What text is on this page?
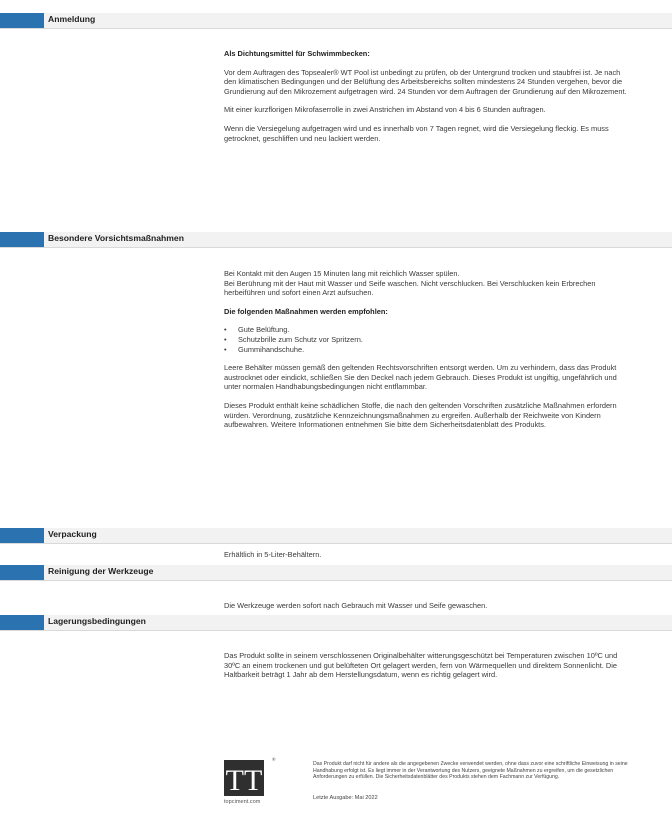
Anmeldung

Als Dichtungsmittel für Schwimmbecken:

Vor dem Auftragen des Topsealer® WT Pool ist unbedingt zu prüfen, ob der Untergrund trocken und staubfrei ist. Je nach den klimatischen Bedingungen und der Belüftung des Arbeitsbereichs sollten mindestens 24 Stunden vergehen, bevor die Grundierung auf den Mikrozement aufgetragen wird. 24 Stunden vor dem Auftragen der Grundierung auf den Mikrozement.

Mit einer kurzflorigen Mikrofaserrolle in zwei Anstrichen im Abstand von 4 bis 6 Stunden auftragen.

Wenn die Versiegelung aufgetragen wird und es innerhalb von 7 Tagen regnet, wird die Versiegelung fleckig. Es muss getrocknet, geschliffen und neu lackiert werden.

Besondere Vorsichtsmaßnahmen

Bei Kontakt mit den Augen 15 Minuten lang mit reichlich Wasser spülen.

Bei Berührung mit der Haut mit Wasser und Seife waschen. Nicht verschlucken. Bei Verschlucken kein Erbrechen herbeiführen und sofort einen Arzt aufsuchen.

Die folgenden Maßnahmen werden empfohlen:

• Gute Belüftung.
• Schutzbrille zum Schutz vor Spritzern.
• Gummihandschuhe.

Leere Behälter müssen gemäß den geltenden Rechtsvorschriften entsorgt werden. Um zu verhindern, dass das Produkt austrocknet oder eindickt, schließen Sie den Deckel nach jedem Gebrauch. Dieses Produkt ist ungiftig, ungefährlich und unter normalen Handhabungsbedingungen nicht entflammbar.

Dieses Produkt enthält keine schädlichen Stoffe, die nach den geltenden Vorschriften zusätzliche Maßnahmen erfordern würden. Verordnung, zusätzliche Kennzeichnungsmaßnahmen zu ergreifen. Außerhalb der Reichweite von Kindern aufbewahren. Weitere Informationen entnehmen Sie bitte dem Sicherheitsdatenblatt des Produkts.

Verpackung

Erhältlich in 5-Liter-Behältern.

Reinigung der Werkzeuge

Die Werkzeuge werden sofort nach Gebrauch mit Wasser und Seife gewaschen.

Lagerungsbedingungen

Das Produkt sollte in seinem verschlossenen Originalbehälter witterungsgeschützt bei Temperaturen zwischen 10ºC und 30ºC an einem trockenen und gut belüfteten Ort gelagert werden, fern von Wärmequellen und direktem Sonnenlicht. Die Haltbarkeit beträgt 1 Jahr ab dem Herstellungsdatum, wenn es richtig gelagert wird.

TT
®
topciment.com
Das Produkt darf nicht für andere als die angegebenen Zwecke verwendet werden, ohne dass zuvor eine schriftliche Einweisung in seine Handhabung erfolgt ist. Es liegt immer in der Verantwortung des Nutzers, geeignete Maßnahmen zu ergreifen, um die gesetzlichen Anforderungen zu erfüllen. Die Sicherheitsdatenblätter des Produkts stehen dem Fachmann zur Verfügung.
Letzte Ausgabe: Mai 2022
